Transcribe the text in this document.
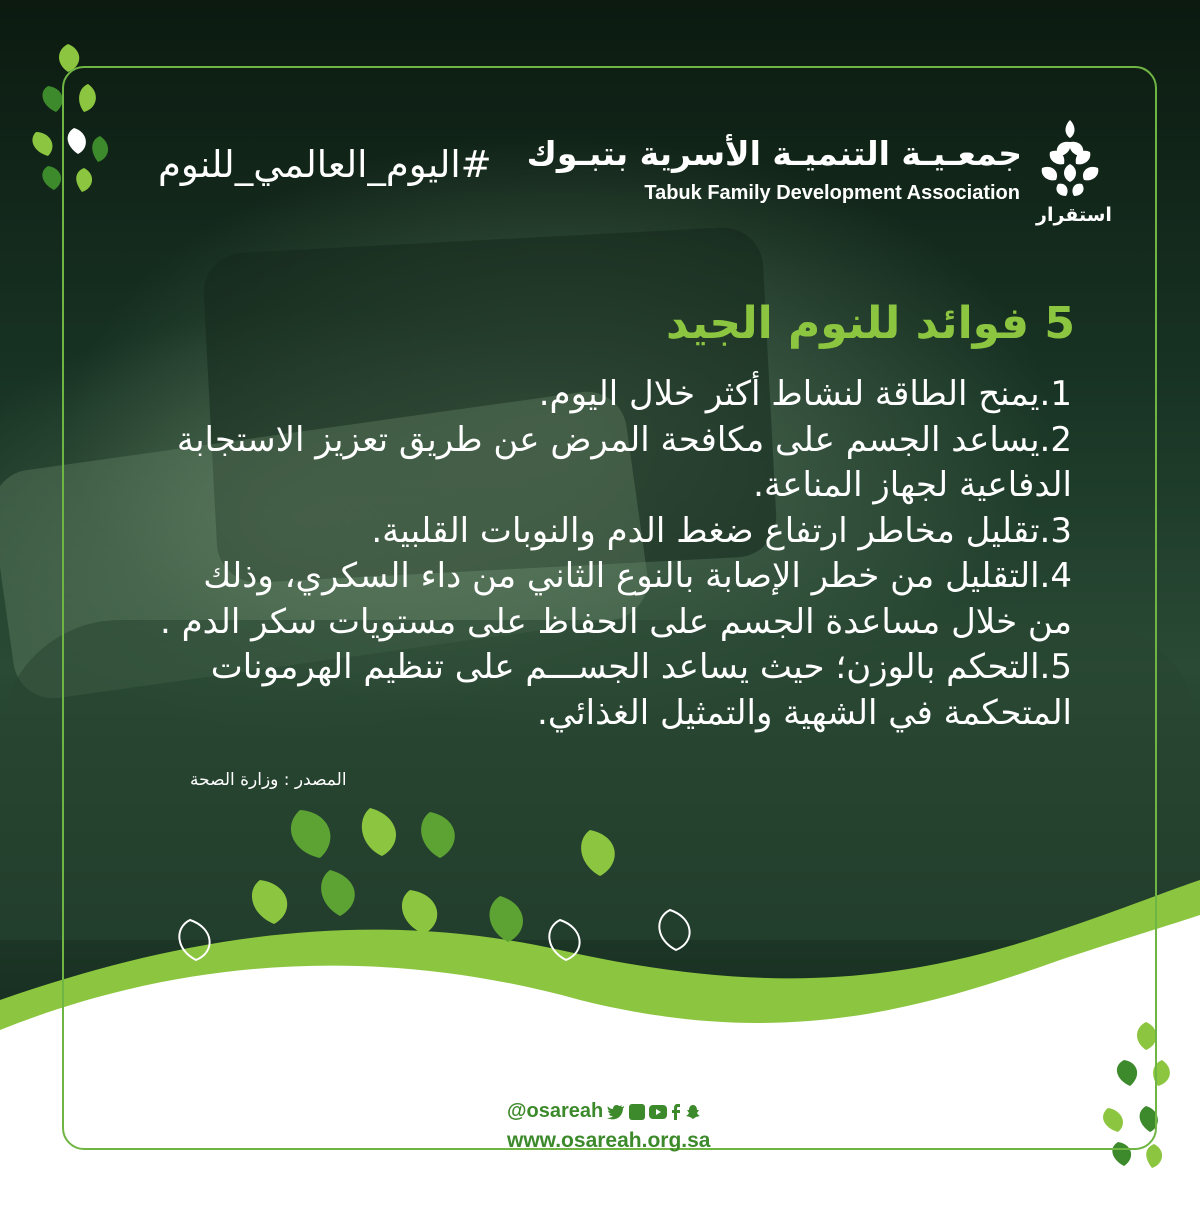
#اليوم_العالمي_للنوم
استقرار
جمعـيـة التنميـة الأسرية بتبـوك
Tabuk Family Development Association
5 فوائد للنوم الجيد
1.يمنح الطاقة لنشاط أكثر خلال اليوم.
2.يساعد الجسم على مكافحة المرض عن طريق تعزيز الاستجابة الدفاعية لجهاز المناعة.
3.تقليل مخاطر ارتفاع ضغط الدم والنوبات القلبية.
4.التقليل من خطر الإصابة بالنوع الثاني من داء السكري، وذلك من خلال مساعدة الجسم على الحفاظ على مستويات سكر الدم .
5.التحكم بالوزن؛ حيث يساعد الجســـم على تنظيم الهرمونات المتحكمة في الشهية والتمثيل الغذائي.
المصدر : وزارة الصحة
@osareah
www.osareah.org.sa
